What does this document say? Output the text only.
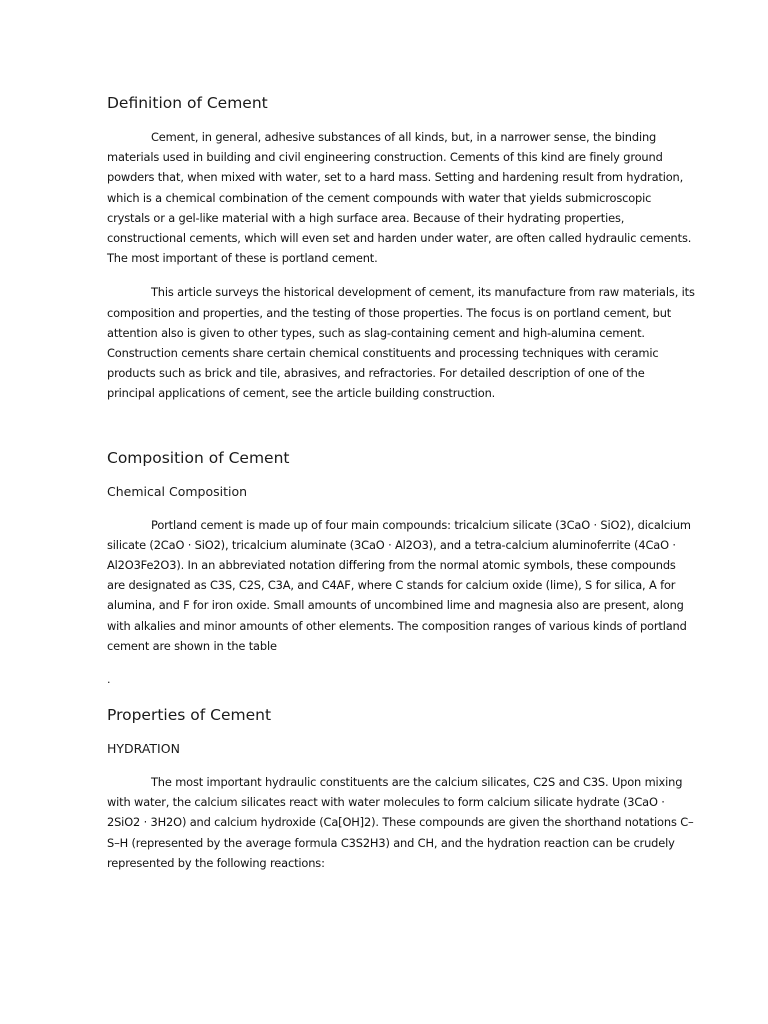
Definition of Cement

Cement, in general, adhesive substances of all kinds, but, in a narrower sense, the binding materials used in building and civil engineering construction. Cements of this kind are finely ground powders that, when mixed with water, set to a hard mass. Setting and hardening result from hydration, which is a chemical combination of the cement compounds with water that yields submicroscopic crystals or a gel-like material with a high surface area. Because of their hydrating properties, constructional cements, which will even set and harden under water, are often called hydraulic cements. The most important of these is portland cement.

This article surveys the historical development of cement, its manufacture from raw materials, its composition and properties, and the testing of those properties. The focus is on portland cement, but attention also is given to other types, such as slag-containing cement and high-alumina cement. Construction cements share certain chemical constituents and processing techniques with ceramic products such as brick and tile, abrasives, and refractories. For detailed description of one of the principal applications of cement, see the article building construction.

Composition of Cement
Chemical Composition

Portland cement is made up of four main compounds: tricalcium silicate (3CaO · SiO2), dicalcium silicate (2CaO · SiO2), tricalcium aluminate (3CaO · Al2O3), and a tetra-calcium aluminoferrite (4CaO · Al2O3Fe2O3). In an abbreviated notation differing from the normal atomic symbols, these compounds are designated as C3S, C2S, C3A, and C4AF, where C stands for calcium oxide (lime), S for silica, A for alumina, and F for iron oxide. Small amounts of uncombined lime and magnesia also are present, along with alkalies and minor amounts of other elements. The composition ranges of various kinds of portland cement are shown in the table

.

Properties of Cement
HYDRATION

The most important hydraulic constituents are the calcium silicates, C2S and C3S. Upon mixing with water, the calcium silicates react with water molecules to form calcium silicate hydrate (3CaO · 2SiO2 · 3H2O) and calcium hydroxide (Ca[OH]2). These compounds are given the shorthand notations C–S–H (represented by the average formula C3S2H3) and CH, and the hydration reaction can be crudely represented by the following reactions:
